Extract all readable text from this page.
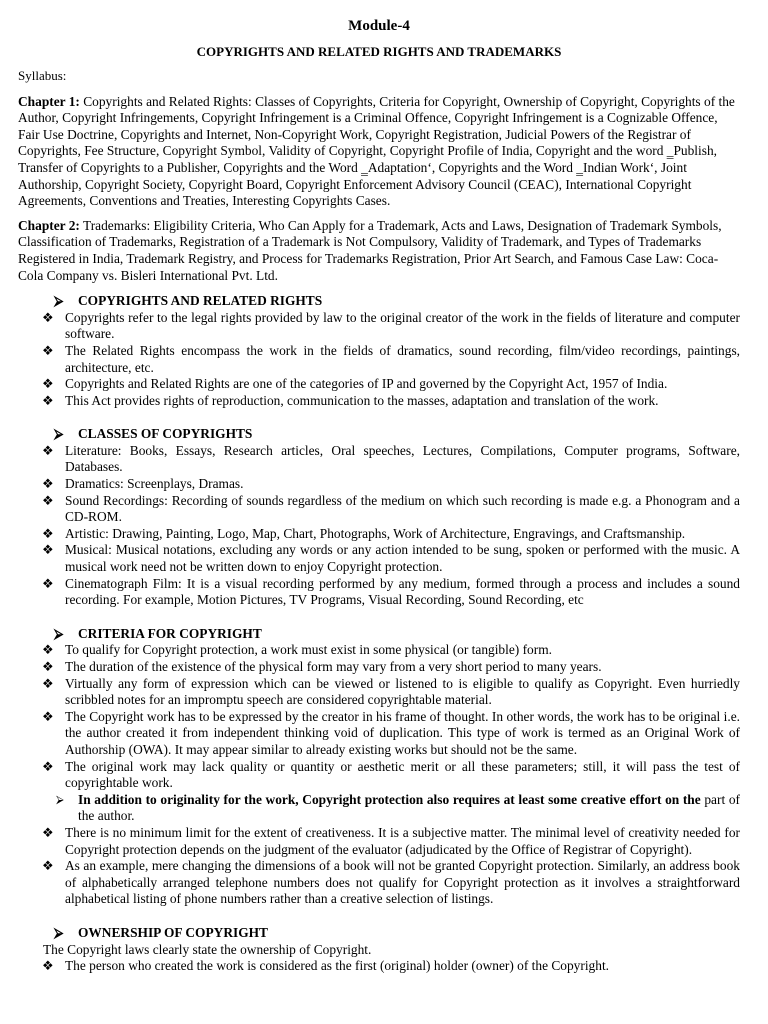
Module-4
COPYRIGHTS AND RELATED RIGHTS AND TRADEMARKS
Syllabus:

Chapter 1: Copyrights and Related Rights: Classes of Copyrights, Criteria for Copyright, Ownership of Copyright, Copyrights of the Author, Copyright Infringements, Copyright Infringement is a Criminal Offence, Copyright Infringement is a Cognizable Offence, Fair Use Doctrine, Copyrights and Internet, Non-Copyright Work, Copyright Registration, Judicial Powers of the Registrar of Copyrights, Fee Structure, Copyright Symbol, Validity of Copyright, Copyright Profile of India, Copyright and the word ‗Publish, Transfer of Copyrights to a Publisher, Copyrights and the Word ‗Adaptation‘, Copyrights and the Word ‗Indian Work‘, Joint Authorship, Copyright Society, Copyright Board, Copyright Enforcement Advisory Council (CEAC), International Copyright Agreements, Conventions and Treaties, Interesting Copyrights Cases.

Chapter 2: Trademarks: Eligibility Criteria, Who Can Apply for a Trademark, Acts and Laws, Designation of Trademark Symbols, Classification of Trademarks, Registration of a Trademark is Not Compulsory, Validity of Trademark, and Types of Trademarks Registered in India, Trademark Registry, and Process for Trademarks Registration, Prior Art Search, and Famous Case Law: Coca-Cola Company vs. Bisleri International Pvt. Ltd.

⮚ COPYRIGHTS AND RELATED RIGHTS
❖ Copyrights refer to the legal rights provided by law to the original creator of the work in the fields of literature and computer software.
❖ The Related Rights encompass the work in the fields of dramatics, sound recording, film/video recordings, paintings, architecture, etc.
❖ Copyrights and Related Rights are one of the categories of IP and governed by the Copyright Act, 1957 of India.
❖ This Act provides rights of reproduction, communication to the masses, adaptation and translation of the work.
⮚ CLASSES OF COPYRIGHTS
❖ Literature: Books, Essays, Research articles, Oral speeches, Lectures, Compilations, Computer programs, Software, Databases.
❖ Dramatics: Screenplays, Dramas.
❖ Sound Recordings: Recording of sounds regardless of the medium on which such recording is made e.g. a Phonogram and a CD-ROM.
❖ Artistic: Drawing, Painting, Logo, Map, Chart, Photographs, Work of Architecture, Engravings, and Craftsmanship.
❖ Musical: Musical notations, excluding any words or any action intended to be sung, spoken or performed with the music. A musical work need not be written down to enjoy Copyright protection.
❖ Cinematograph Film: It is a visual recording performed by any medium, formed through a process and includes a sound recording. For example, Motion Pictures, TV Programs, Visual Recording, Sound Recording, etc
⮚ CRITERIA FOR COPYRIGHT
❖ To qualify for Copyright protection, a work must exist in some physical (or tangible) form.
❖ The duration of the existence of the physical form may vary from a very short period to many years.
❖ Virtually any form of expression which can be viewed or listened to is eligible to qualify as Copyright. Even hurriedly scribbled notes for an impromptu speech are considered copyrightable material.
❖ The Copyright work has to be expressed by the creator in his frame of thought. In other words, the work has to be original i.e. the author created it from independent thinking void of duplication. This type of work is termed as an Original Work of Authorship (OWA). It may appear similar to already existing works but should not be the same.
❖ The original work may lack quality or quantity or aesthetic merit or all these parameters; still, it will pass the test of copyrightable work.
⮚ In addition to originality for the work, Copyright protection also requires at least some creative effort on the part of the author.
❖ There is no minimum limit for the extent of creativeness. It is a subjective matter. The minimal level of creativity needed for Copyright protection depends on the judgment of the evaluator (adjudicated by the Office of Registrar of Copyright).
❖ As an example, mere changing the dimensions of a book will not be granted Copyright protection. Similarly, an address book of alphabetically arranged telephone numbers does not qualify for Copyright protection as it involves a straightforward alphabetical listing of phone numbers rather than a creative selection of listings.
⮚ OWNERSHIP OF COPYRIGHT
The Copyright laws clearly state the ownership of Copyright.
❖ The person who created the work is considered as the first (original) holder (owner) of the Copyright.
